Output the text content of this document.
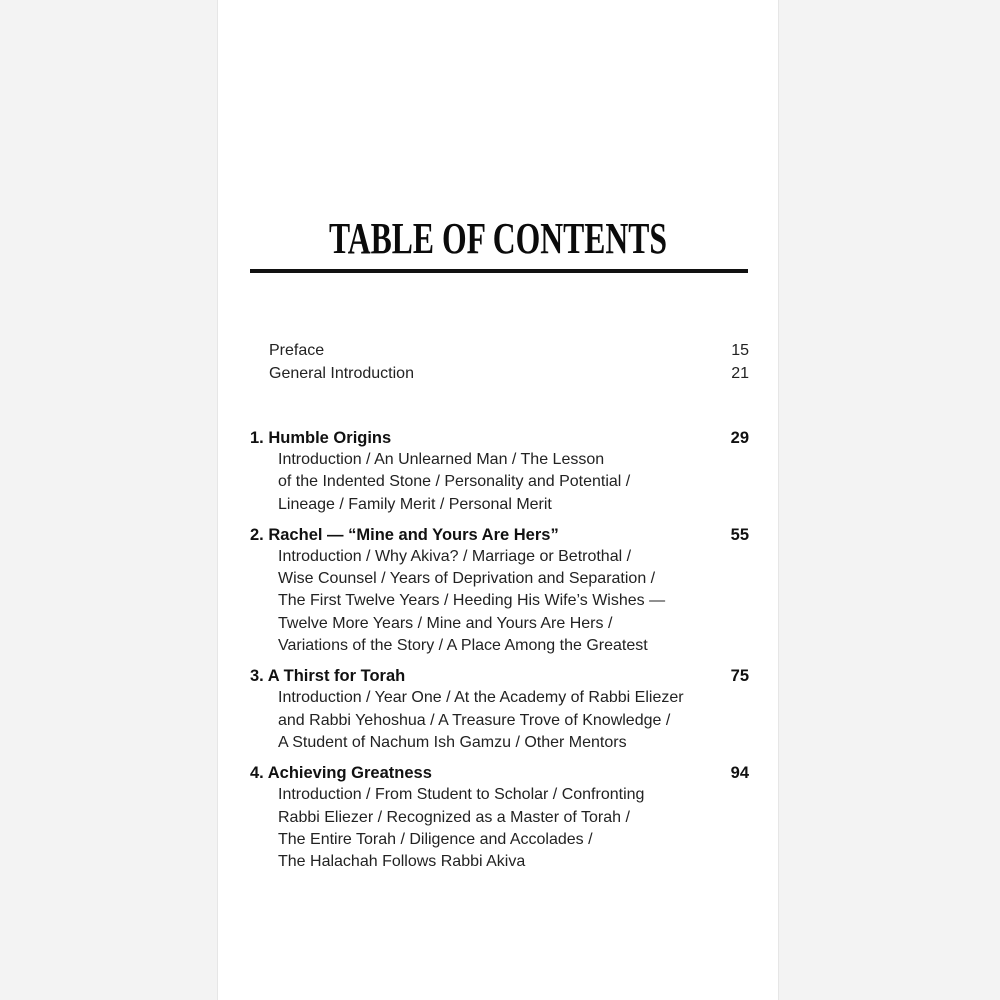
TABLE OF CONTENTS
Preface	15
General Introduction	21
1. Humble Origins	29
Introduction / An Unlearned Man / The Lesson
of the Indented Stone / Personality and Potential /
Lineage / Family Merit / Personal Merit
2. Rachel — “Mine and Yours Are Hers”	55
Introduction / Why Akiva? / Marriage or Betrothal /
Wise Counsel / Years of Deprivation and Separation /
The First Twelve Years / Heeding His Wife’s Wishes —
Twelve More Years / Mine and Yours Are Hers /
Variations of the Story / A Place Among the Greatest
3. A Thirst for Torah	75
Introduction / Year One / At the Academy of Rabbi Eliezer
and Rabbi Yehoshua / A Treasure Trove of Knowledge /
A Student of Nachum Ish Gamzu / Other Mentors
4. Achieving Greatness	94
Introduction / From Student to Scholar / Confronting
Rabbi Eliezer / Recognized as a Master of Torah /
The Entire Torah / Diligence and Accolades /
The Halachah Follows Rabbi Akiva
